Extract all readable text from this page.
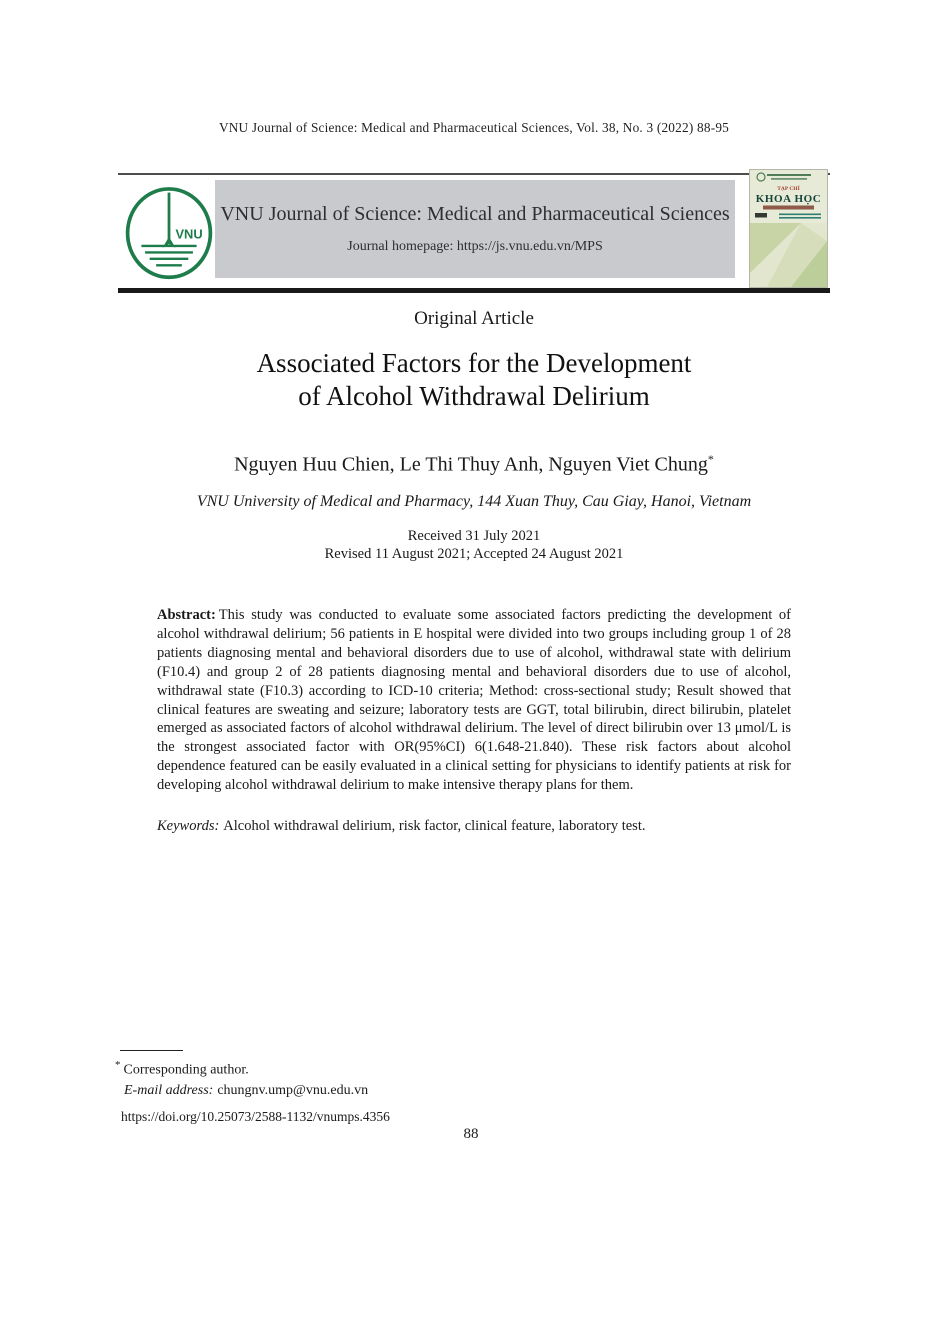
VNU Journal of Science: Medical and Pharmaceutical Sciences, Vol. 38, No. 3 (2022) 88-95
VNU
VNU Journal of Science: Medical and Pharmaceutical Sciences
Journal homepage: https://js.vnu.edu.vn/MPS
TẠP CHÍ
KHOA HỌC
Original Article
Associated Factors for the Development
of Alcohol Withdrawal Delirium
Nguyen Huu Chien, Le Thi Thuy Anh, Nguyen Viet Chung*
VNU University of Medical and Pharmacy, 144 Xuan Thuy, Cau Giay, Hanoi, Vietnam
Received 31 July 2021
Revised 11 August 2021; Accepted 24 August 2021

Abstract: This study was conducted to evaluate some associated factors predicting the development of alcohol withdrawal delirium; 56 patients in E hospital were divided into two groups including group 1 of 28 patients diagnosing mental and behavioral disorders due to use of alcohol, withdrawal state with delirium (F10.4) and group 2 of 28 patients diagnosing mental and behavioral disorders due to use of alcohol, withdrawal state (F10.3) according to ICD-10 criteria; Method: cross-sectional study; Result showed that clinical features are sweating and seizure; laboratory tests are GGT, total bilirubin, direct bilirubin, platelet emerged as associated factors of alcohol withdrawal delirium. The level of direct bilirubin over 13 μmol/L is the strongest associated factor with OR(95%CI) 6(1.648-21.840). These risk factors about alcohol dependence featured can be easily evaluated in a clinical setting for physicians to identify patients at risk for developing alcohol withdrawal delirium to make intensive therapy plans for them.

Keywords: Alcohol withdrawal delirium, risk factor, clinical feature, laboratory test.

* Corresponding author.
E-mail address: chungnv.ump@vnu.edu.vn
https://doi.org/10.25073/2588-1132/vnumps.4356
88
